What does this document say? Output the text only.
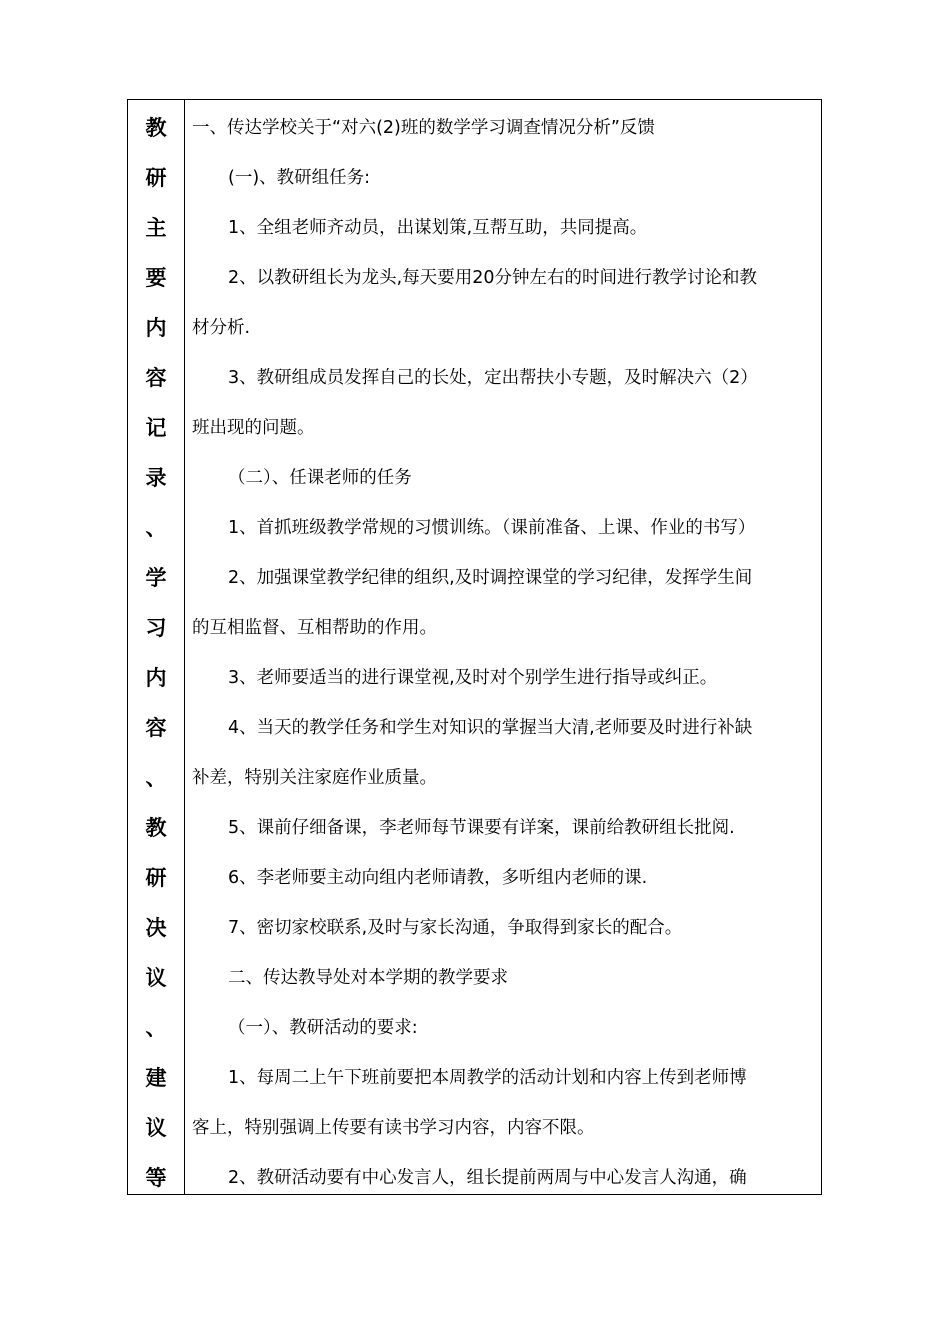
教
研
主
要
内
容
记
录
、
学
习
内
容
、
教
研
决
议
、
建
议
等
一、传达学校关于“对六(2)班的数学学习调查情况分析”反馈
(一)、教研组任务:
1、全组老师齐动员，出谋划策,互帮互助，共同提高。
2、以教研组长为龙头,每天要用20分钟左右的时间进行教学讨论和教
材分析.
3、教研组成员发挥自己的长处，定出帮扶小专题，及时解决六（2）
班出现的问题。
（二）、任课老师的任务
1、首抓班级教学常规的习惯训练。（课前准备、上课、作业的书写）
2、加强课堂教学纪律的组织,及时调控课堂的学习纪律，发挥学生间
的互相监督、互相帮助的作用。
3、老师要适当的进行课堂视,及时对个别学生进行指导或纠正。
4、当天的教学任务和学生对知识的掌握当大清,老师要及时进行补缺
补差，特别关注家庭作业质量。
5、课前仔细备课，李老师每节课要有详案，课前给教研组长批阅.
6、李老师要主动向组内老师请教，多听组内老师的课.
7、密切家校联系,及时与家长沟通，争取得到家长的配合。
二、传达教导处对本学期的教学要求
（一）、教研活动的要求:
1、每周二上午下班前要把本周教学的活动计划和内容上传到老师博
客上，特别强调上传要有读书学习内容，内容不限。
2、教研活动要有中心发言人，组长提前两周与中心发言人沟通，确
